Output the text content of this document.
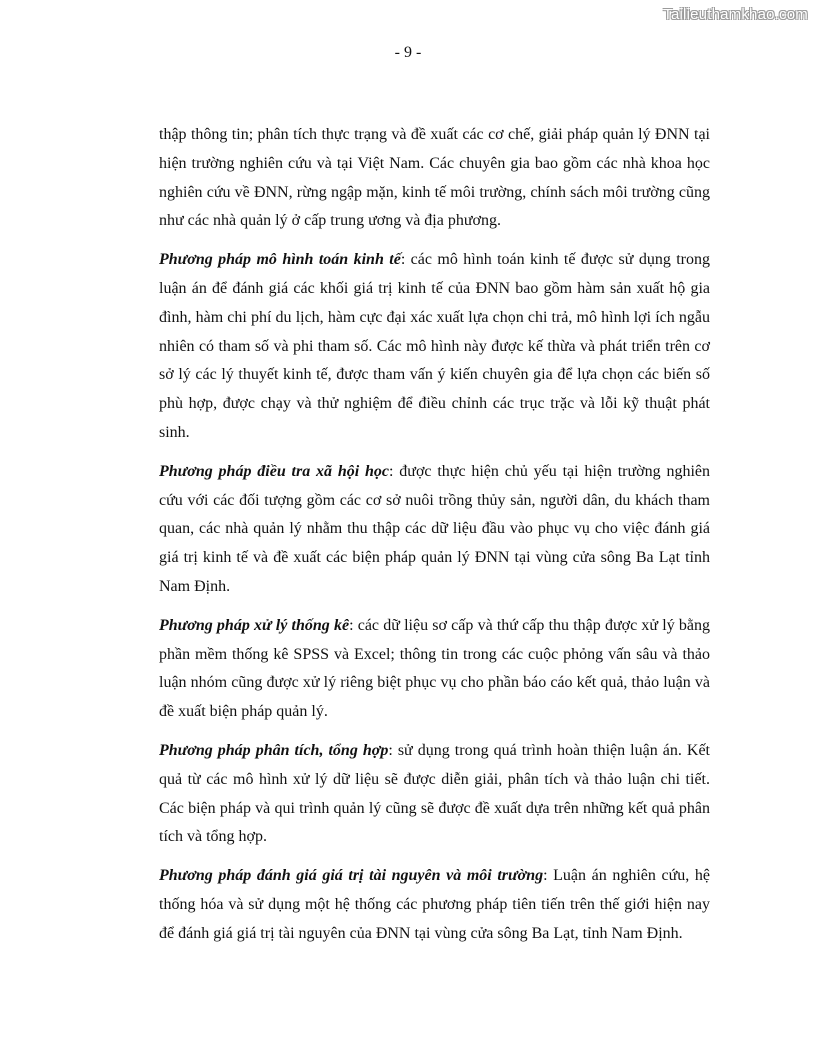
Tailieuthamkhao.com
- 9 -

thập thông tin; phân tích thực trạng và đề xuất các cơ chế, giải pháp quản lý ĐNN tại hiện trường nghiên cứu và tại Việt Nam. Các chuyên gia bao gồm các nhà khoa học nghiên cứu về ĐNN, rừng ngập mặn, kinh tế môi trường, chính sách môi trường cũng như các nhà quản lý ở cấp trung ương và địa phương.

Phương pháp mô hình toán kinh tế: các mô hình toán kinh tế được sử dụng trong luận án để đánh giá các khối giá trị kinh tế của ĐNN bao gồm hàm sản xuất hộ gia đình, hàm chi phí du lịch, hàm cực đại xác xuất lựa chọn chi trả, mô hình lợi ích ngẫu nhiên có tham số và phi tham số. Các mô hình này được kế thừa và phát triển trên cơ sở lý các lý thuyết kinh tế, được tham vấn ý kiến chuyên gia để lựa chọn các biến số phù hợp, được chạy và thử nghiệm để điều chỉnh các trục trặc và lỗi kỹ thuật phát sinh.

Phương pháp điều tra xã hội học: được thực hiện chủ yếu tại hiện trường nghiên cứu với các đối tượng gồm các cơ sở nuôi trồng thủy sản, người dân, du khách tham quan, các nhà quản lý nhằm thu thập các dữ liệu đầu vào phục vụ cho việc đánh giá giá trị kinh tế và đề xuất các biện pháp quản lý ĐNN tại vùng cửa sông Ba Lạt tỉnh Nam Định.

Phương pháp xử lý thống kê: các dữ liệu sơ cấp và thứ cấp thu thập được xử lý bằng phần mềm thống kê SPSS và Excel; thông tin trong các cuộc phỏng vấn sâu và thảo luận nhóm cũng được xử lý riêng biệt phục vụ cho phần báo cáo kết quả, thảo luận và đề xuất biện pháp quản lý.

Phương pháp phân tích, tổng hợp: sử dụng trong quá trình hoàn thiện luận án. Kết quả từ các mô hình xử lý dữ liệu sẽ được diễn giải, phân tích và thảo luận chi tiết. Các biện pháp và qui trình quản lý cũng sẽ được đề xuất dựa trên những kết quả phân tích và tổng hợp.

Phương pháp đánh giá giá trị tài nguyên và môi trường: Luận án nghiên cứu, hệ thống hóa và sử dụng một hệ thống các phương pháp tiên tiến trên thế giới hiện nay để đánh giá giá trị tài nguyên của ĐNN tại vùng cửa sông Ba Lạt, tỉnh Nam Định.
